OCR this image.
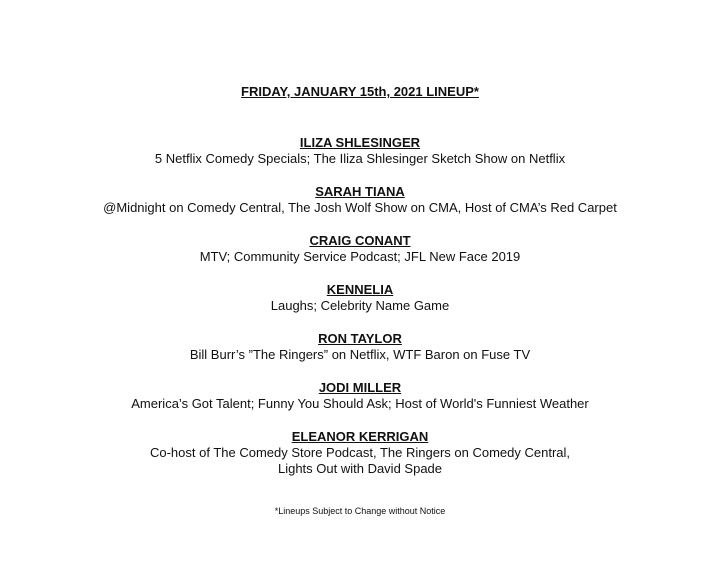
FRIDAY, JANUARY 15th, 2021 LINEUP*
ILIZA SHLESINGER
5 Netflix Comedy Specials; The Iliza Shlesinger Sketch Show on Netflix
SARAH TIANA
@Midnight on Comedy Central, The Josh Wolf Show on CMA, Host of CMA’s Red Carpet
CRAIG CONANT
MTV; Community Service Podcast; JFL New Face 2019
KENNELIA
Laughs; Celebrity Name Game
RON TAYLOR
Bill Burr’s ”The Ringers” on Netflix, WTF Baron on Fuse TV
JODI MILLER
America’s Got Talent; Funny You Should Ask; Host of World's Funniest Weather
ELEANOR KERRIGAN
Co-host of The Comedy Store Podcast, The Ringers on Comedy Central,
Lights Out with David Spade
*Lineups Subject to Change without Notice
